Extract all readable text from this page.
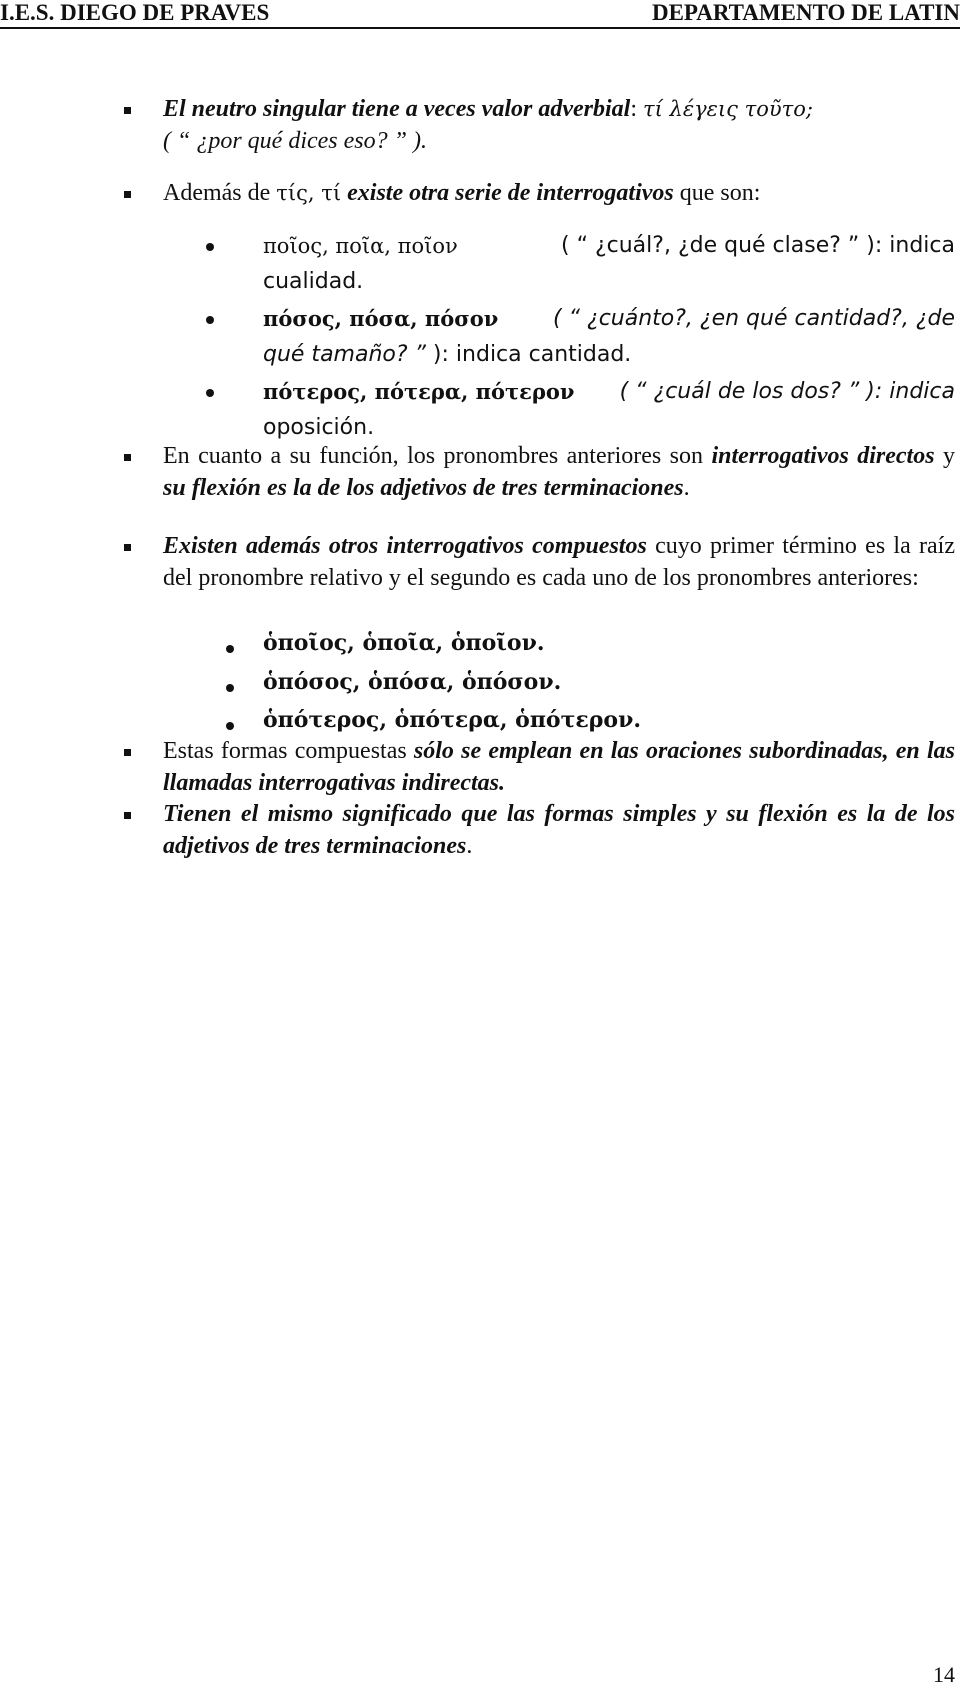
I.E.S. DIEGO DE PRAVES	DEPARTAMENTO DE LATIN
El neutro singular tiene a veces valor adverbial: τί λέγεις τοῦτο;
( “ ¿por qué dices eso? ” ).
Además de τίς, τί existe otra serie de interrogativos que son:
ποῖος, ποῖα, ποῖον	( “ ¿cuál?, ¿de qué clase? ” ): indica
cualidad.
πόσος, πόσα, πόσον ( “ ¿cuánto?, ¿en qué cantidad?, ¿de
qué tamaño? ” ): indica cantidad.
πότερος, πότερα, πότερον ( “ ¿cuál de los dos? ” ): indica
oposición.
En cuanto a su función, los pronombres anteriores son interrogativos directos y su flexión es la de los adjetivos de tres terminaciones.
Existen además otros interrogativos compuestos cuyo primer término es la raíz del pronombre relativo y el segundo es cada uno de los pronombres anteriores:
ὁποῖος, ὁποῖα, ὁποῖον.
ὁπόσος, ὁπόσα, ὁπόσον.
ὁπότερος, ὁπότερα, ὁπότερον.
Estas formas compuestas sólo se emplean en las oraciones subordinadas, en las llamadas interrogativas indirectas.
Tienen el mismo significado que las formas simples y su flexión es la de los adjetivos de tres terminaciones.
14
